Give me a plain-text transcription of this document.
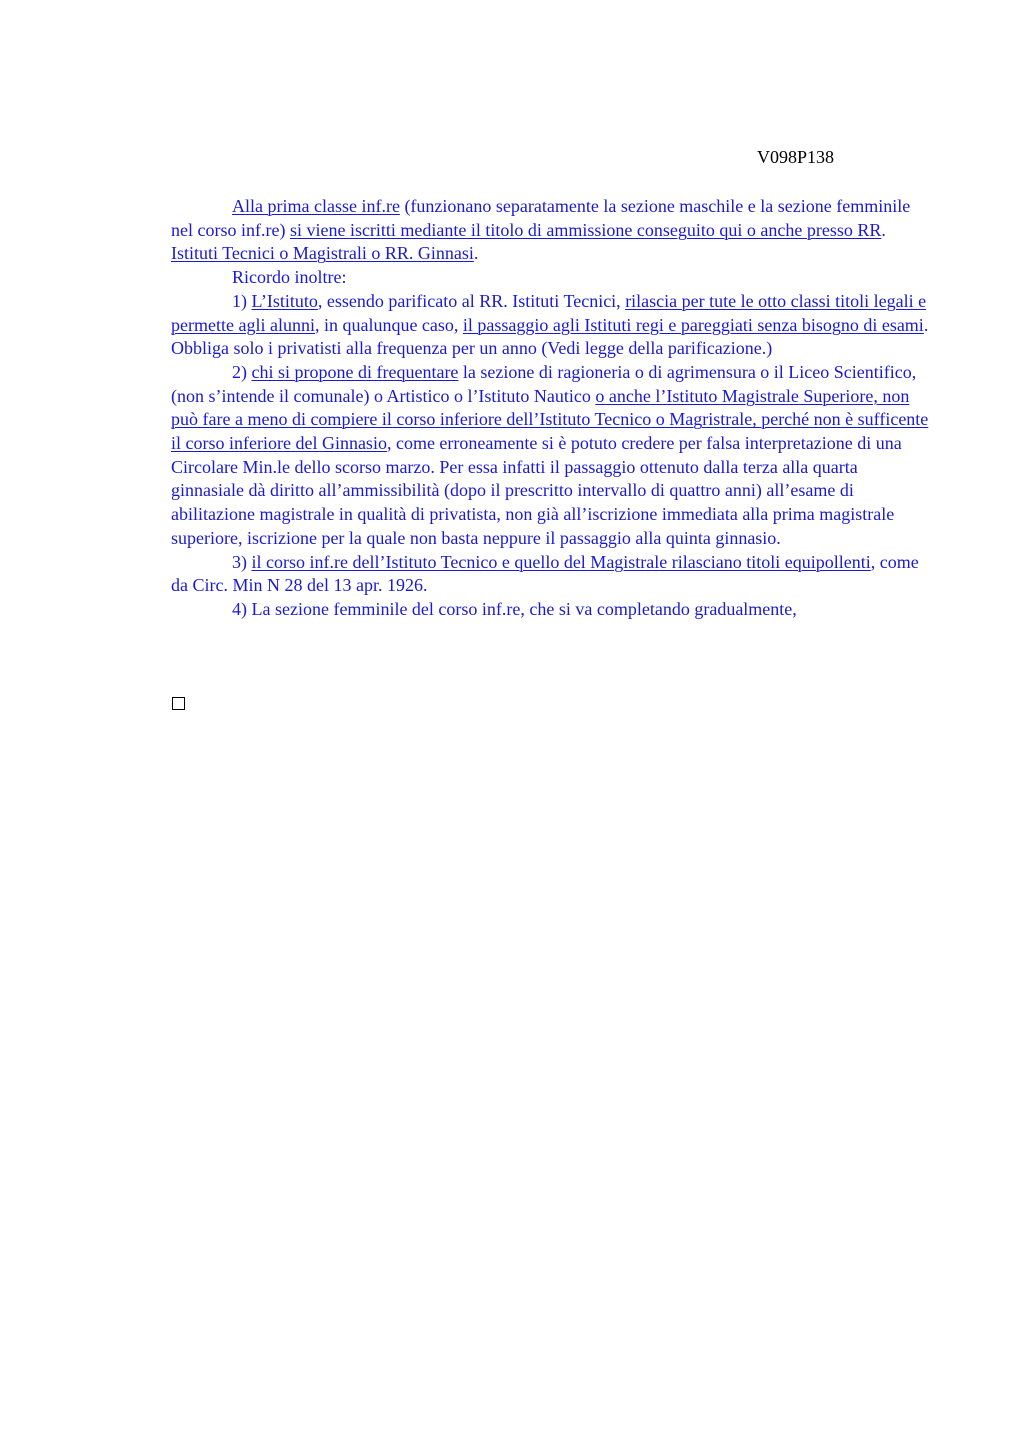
V098P138

Alla prima classe inf.re (funzionano separatamente la sezione maschile e la sezione femminile nel corso inf.re) si viene iscritti mediante il titolo di ammissione conseguito qui o anche presso RR. Istituti Tecnici o Magistrali o RR. Ginnasi.

Ricordo inoltre:

1) L’Istituto, essendo parificato al RR. Istituti Tecnici, rilascia per tute le otto classi titoli legali e permette agli alunni, in qualunque caso, il passaggio agli Istituti regi e pareggiati senza bisogno di esami. Obbliga solo i privatisti alla frequenza per un anno (Vedi legge della parificazione.)

2) chi si propone di frequentare la sezione di ragioneria o di agrimensura o il Liceo Scientifico, (non s’intende il comunale) o Artistico o l’Istituto Nautico o anche l’Istituto Magistrale Superiore, non può fare a meno di compiere il corso inferiore dell’Istituto Tecnico o Magristrale, perché non è sufficente il corso inferiore del Ginnasio, come erroneamente si è potuto credere per falsa interpretazione di una Circolare Min.le dello scorso marzo. Per essa infatti il passaggio ottenuto dalla terza alla quarta ginnasiale dà diritto all’ammissibilità (dopo il prescritto intervallo di quattro anni) all’esame di abilitazione magistrale in qualità di privatista, non già all’iscrizione immediata alla prima magistrale superiore, iscrizione per la quale non basta neppure il passaggio alla quinta ginnasio.

3) il corso inf.re dell’Istituto Tecnico e quello del Magistrale rilasciano titoli equipollenti, come da Circ. Min N 28 del 13 apr. 1926.

4) La sezione femminile del corso inf.re, che si va completando gradualmente,
